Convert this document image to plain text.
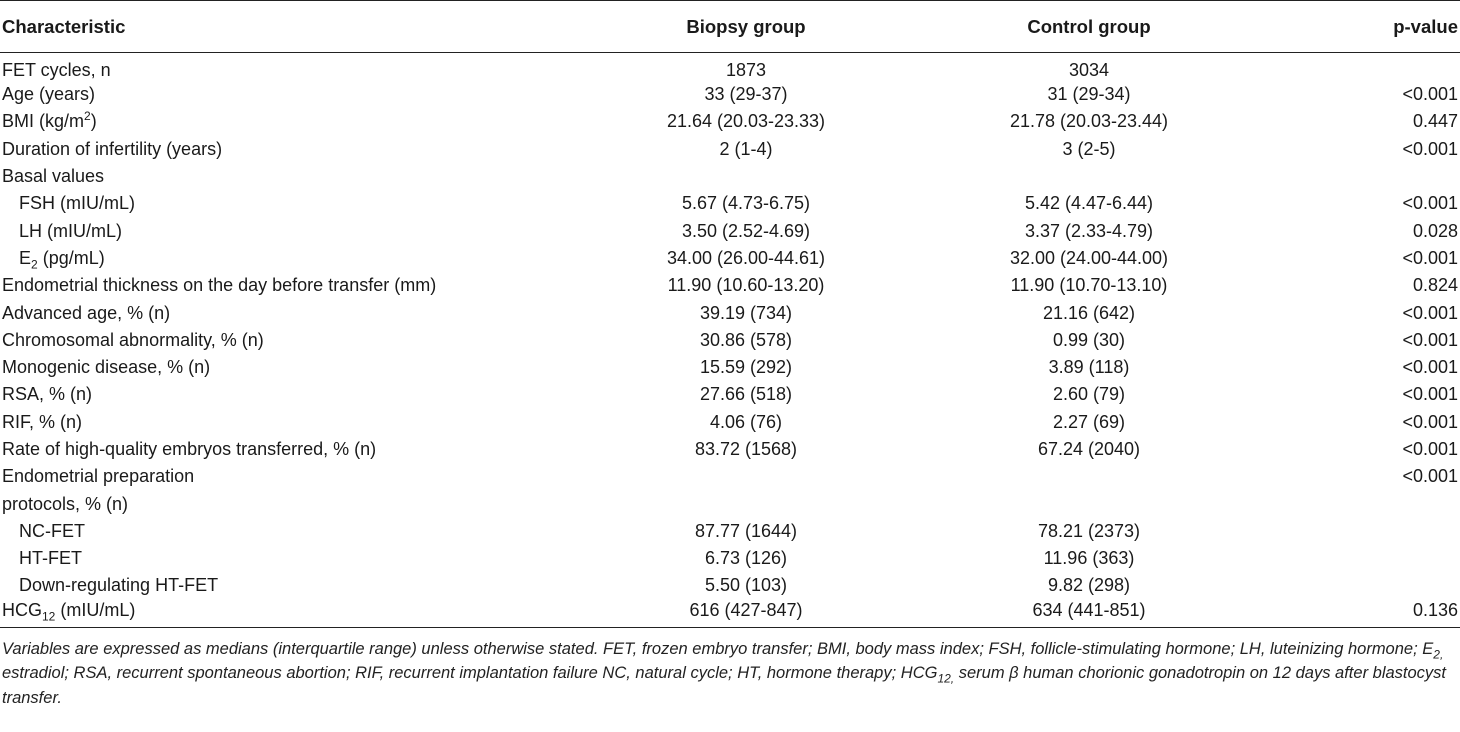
Characteristic	Biopsy group	Control group	p-value
FET cycles, n	1873	3034	
Age (years)	33 (29-37)	31 (29-34)	<0.001
BMI $(kg/m^2)$	21.64 (20.03-23.33)	21.78 (20.03-23.44)	0.447
Duration of infertility (years)	2 (1-4)	3 (2-5)	<0.001
Basal values			
FSH (mIU/mL)	5.67 (4.73-6.75)	5.42 (4.47-6.44)	<0.001
LH (mIU/mL)	3.50 (2.52-4.69)	3.37 (2.33-4.79)	0.028
$E_2$ (pg/mL)	34.00 (26.00-44.61)	32.00 (24.00-44.00)	<0.001
Endometrial thickness on the day before transfer (mm)	11.90 (10.60-13.20)	11.90 (10.70-13.10)	0.824
Advanced age, % (n)	39.19 (734)	21.16 (642)	<0.001
Chromosomal abnormality, % (n)	30.86 (578)	0.99 (30)	<0.001
Monogenic disease, % (n)	15.59 (292)	3.89 (118)	<0.001
RSA, % (n)	27.66 (518)	2.60 (79)	<0.001
RIF, % (n)	4.06 (76)	2.27 (69)	<0.001
Rate of high-quality embryos transferred, % (n)	83.72 (1568)	67.24 (2040)	<0.001
Endometrial preparation			<0.001
protocols, % (n)			
NC-FET	87.77 (1644)	78.21 (2373)	
HT-FET	6.73 (126)	11.96 (363)	
Down-regulating HT-FET	5.50 (103)	9.82 (298)	
$HCG_{12}$ (mIU/mL)	616 (427-847)	634 (441-851)	0.136
Variables are expressed as medians (interquartile range) unless otherwise stated. FET, frozen embryo transfer; BMI, body mass index; FSH, follicle-stimulating hormone; LH, luteinizing hormone; $E_{2,}$ estradiol; RSA, recurrent spontaneous abortion; RIF, recurrent implantation failure NC, natural cycle; HT, hormone therapy; $HCG_{12,}$ serum β human chorionic gonadotropin on 12 days after blastocyst transfer.
